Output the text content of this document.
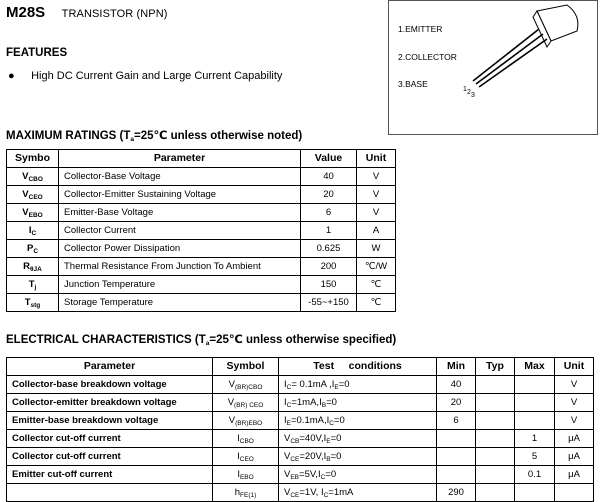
M28S TRANSISTOR (NPN)
FEATURES
● High DC Current Gain and Large Current Capability
1.EMITTER
2.COLLECTOR
3.BASE
1 2 3
MAXIMUM RATINGS ($T_a=25℃$ unless otherwise noted)
Symbo	Parameter	Value	Unit
$V_{CBO}$	Collector-Base Voltage	40	V
$V_{CEO}$	Collector-Emitter Sustaining Voltage	20	V
$V_{EBO}$	Emitter-Base Voltage	6	V
$I_C$	Collector Current	1	A
$P_C$	Collector Power Dissipation	0.625	W
$R_{\theta JA}$	Thermal Resistance From Junction To Ambient	200	℃/W
$T_j$	Junction Temperature	150	℃
$T_{stg}$	Storage Temperature	-55~+150	℃
ELECTRICAL CHARACTERISTICS ($T_a=25℃$ unless otherwise specified)
Parameter	Symbol	Test conditions	Min	Typ	Max	Unit
Collector-base breakdown voltage	$V_{(BR)CBO}$	$I_C= 0.1mA$ $,I_E=0$	40			V
Collector-emitter breakdown voltage	$V_{(BR) CEO}$	$I_C=1mA,I_B=0$	20			V
Emitter-base breakdown voltage	$V_{(BR)EBO}$	$I_E=0.1mA,I_C=0$	6			V
Collector cut-off current	$I_{CBO}$	$V_{CB}=40V,I_E=0$			1	μA
Collector cut-off current	$I_{CEO}$	$V_{CE}=20V,I_B=0$			5	μA
Emitter cut-off current	$I_{EBO}$	$V_{EB}=5V,I_C=0$			0.1	μA
	$h_{FE(1)}$	$V_{CE}=1V$, $I_C=1mA$	290			
